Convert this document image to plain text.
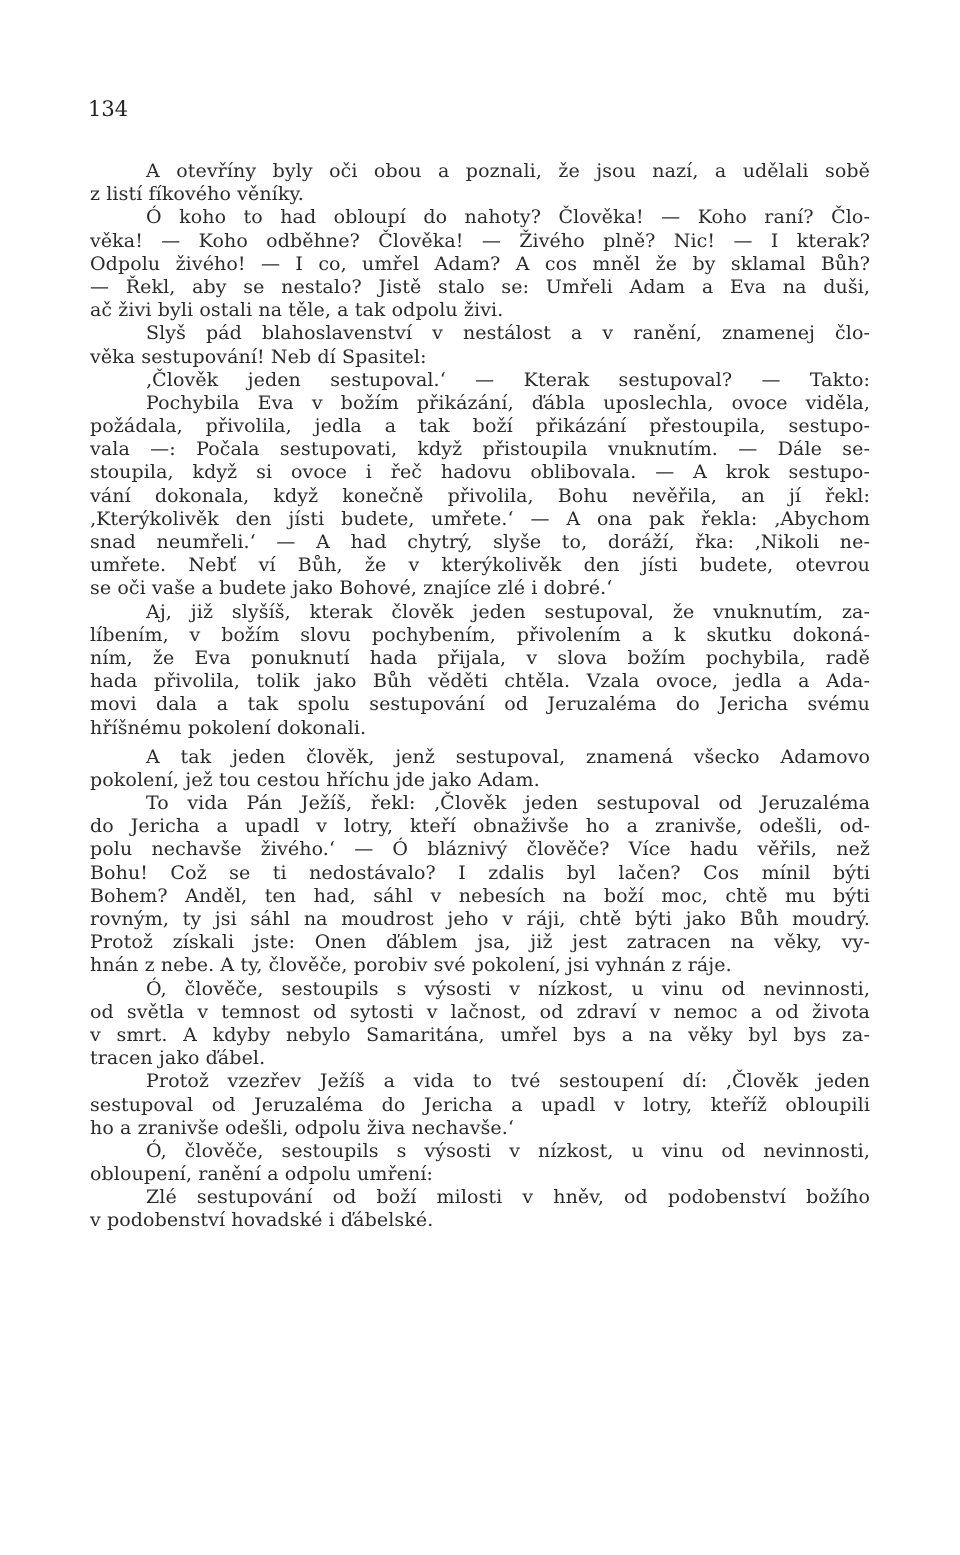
134
A otevříny byly oči obou a poznali, že jsou nazí, a udělali sobě
z listí fíkového věníky.
Ó koho to had obloupí do nahoty? Člověka! — Koho raní? Člo-
věka! — Koho odběhne? Člověka! — Živého plně? Nic! — I kterak?
Odpolu živého! — I co, umřel Adam? A cos mněl že by sklamal Bůh?
— Řekl, aby se nestalo? Jistě stalo se: Umřeli Adam a Eva na duši,
ač živi byli ostali na těle, a tak odpolu živi.
Slyš pád blahoslavenství v nestálost a v ranění, znamenej člo-
věka sestupování! Neb dí Spasitel:
‚Člověk jeden sestupoval.‘ — Kterak sestupoval? — Takto:
Pochybila Eva v božím přikázání, ďábla uposlechla, ovoce viděla,
požádala, přivolila, jedla a tak boží přikázání přestoupila, sestupo-
vala —: Počala sestupovati, když přistoupila vnuknutím. — Dále se-
stoupila, když si ovoce i řeč hadovu oblibovala. — A krok sestupo-
vání dokonala, když konečně přivolila, Bohu nevěřila, an jí řekl:
‚Kterýkolivěk den jísti budete, umřete.‘ — A ona pak řekla: ‚Abychom
snad neumřeli.‘ — A had chytrý, slyše to, doráží, řka: ‚Nikoli ne-
umřete. Nebť ví Bůh, že v kterýkolivěk den jísti budete, otevrou
se oči vaše a budete jako Bohové, znajíce zlé i dobré.‘
Aj, již slyšíš, kterak člověk jeden sestupoval, že vnuknutím, za-
líbením, v božím slovu pochybením, přivolením a k skutku dokoná-
ním, že Eva ponuknutí hada přijala, v slova božím pochybila, radě
hada přivolila, tolik jako Bůh věděti chtěla. Vzala ovoce, jedla a Ada-
movi dala a tak spolu sestupování od Jeruzaléma do Jericha svému
hříšnému pokolení dokonali.
A tak jeden člověk, jenž sestupoval, znamená všecko Adamovo
pokolení, jež tou cestou hříchu jde jako Adam.
To vida Pán Ježíš, řekl: ‚Člověk jeden sestupoval od Jeruzaléma
do Jericha a upadl v lotry, kteří obnaživše ho a zranivše, odešli, od-
polu nechavše živého.‘ — Ó bláznivý člověče? Více hadu věřils, než
Bohu! Což se ti nedostávalo? I zdalis byl lačen? Cos mínil býti
Bohem? Anděl, ten had, sáhl v nebesích na boží moc, chtě mu býti
rovným, ty jsi sáhl na moudrost jeho v ráji, chtě býti jako Bůh moudrý.
Protož získali jste: Onen ďáblem jsa, již jest zatracen na věky, vy-
hnán z nebe. A ty, člověče, porobiv své pokolení, jsi vyhnán z ráje.
Ó, člověče, sestoupils s výsosti v nízkost, u vinu od nevinnosti,
od světla v temnost od sytosti v lačnost, od zdraví v nemoc a od života
v smrt. A kdyby nebylo Samaritána, umřel bys a na věky byl bys za-
tracen jako ďábel.
Protož vzezřev Ježíš a vida to tvé sestoupení dí: ‚Člověk jeden
sestupoval od Jeruzaléma do Jericha a upadl v lotry, kteříž obloupili
ho a zranivše odešli, odpolu živa nechavše.‘
Ó, člověče, sestoupils s výsosti v nízkost, u vinu od nevinnosti,
obloupení, ranění a odpolu umření:
Zlé sestupování od boží milosti v hněv, od podobenství božího
v podobenství hovadské i ďábelské.
